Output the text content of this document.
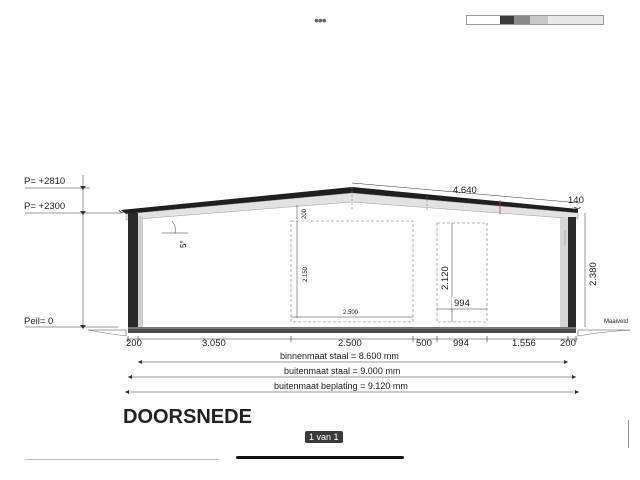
•••
P= +2810
P= +2300
Peil= 0
4.640
140
5°
Maaiveld
200
2.150
2.500
2.120
994
2.380
200	3.050	2.500	500 994	1.556	200
binnenmaat staal = 8.600 mm
buitenmaat staal = 9.000 mm
buitenmaat beplating = 9.120 mm
DOORSNEDE
1 van 1
